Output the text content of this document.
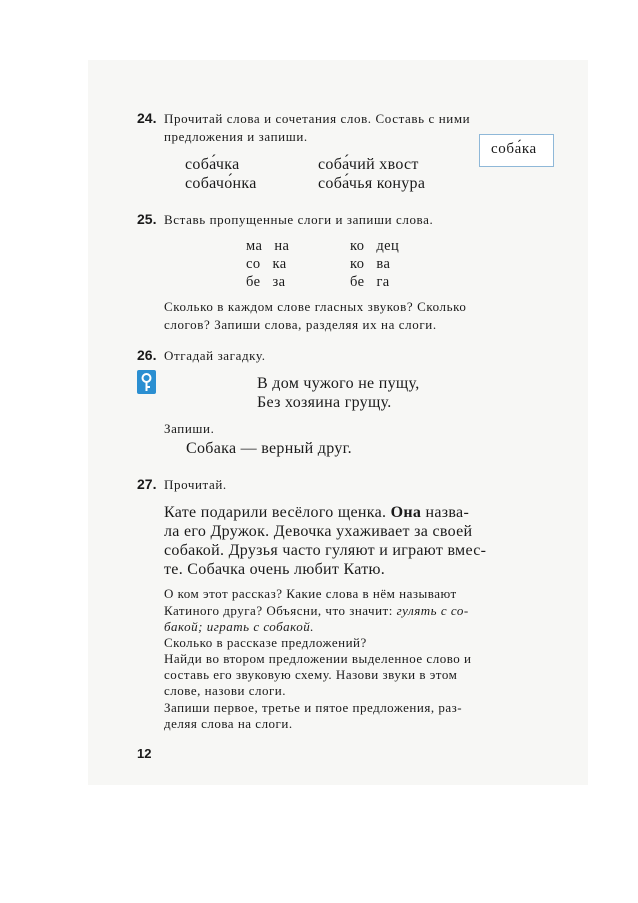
24. Прочитай слова и сочетания слов. Составь с ними
предложения и запиши.
соба́ка
соба́чка	соба́чий хвост
собачо́нка	соба́чья конура
25. Вставь пропущенные слоги и запиши слова.
ма на
со ка
бе за
ко дец
ко ва
бе га
Сколько в каждом слове гласных звуков? Сколько
слогов? Запиши слова, разделяя их на слоги.
26. Отгадай загадку.
В дом чужого не пущу,
Без хозяина грущу.
Запиши.
Собака — верный друг.
27. Прочитай.
Кате подарили весёлого щенка. Она назва-
ла его Дружок. Девочка ухаживает за своей
собакой. Друзья часто гуляют и играют вмес-
те. Собачка очень любит Катю.
О ком этот рассказ? Какие слова в нём называют
Катиного друга? Объясни, что значит: гулять с со-
бакой; играть с собакой.
Сколько в рассказе предложений?
Найди во втором предложении выделенное слово и
составь его звуковую схему. Назови звуки в этом
слове, назови слоги.
Запиши первое, третье и пятое предложения, раз-
деляя слова на слоги.
12
